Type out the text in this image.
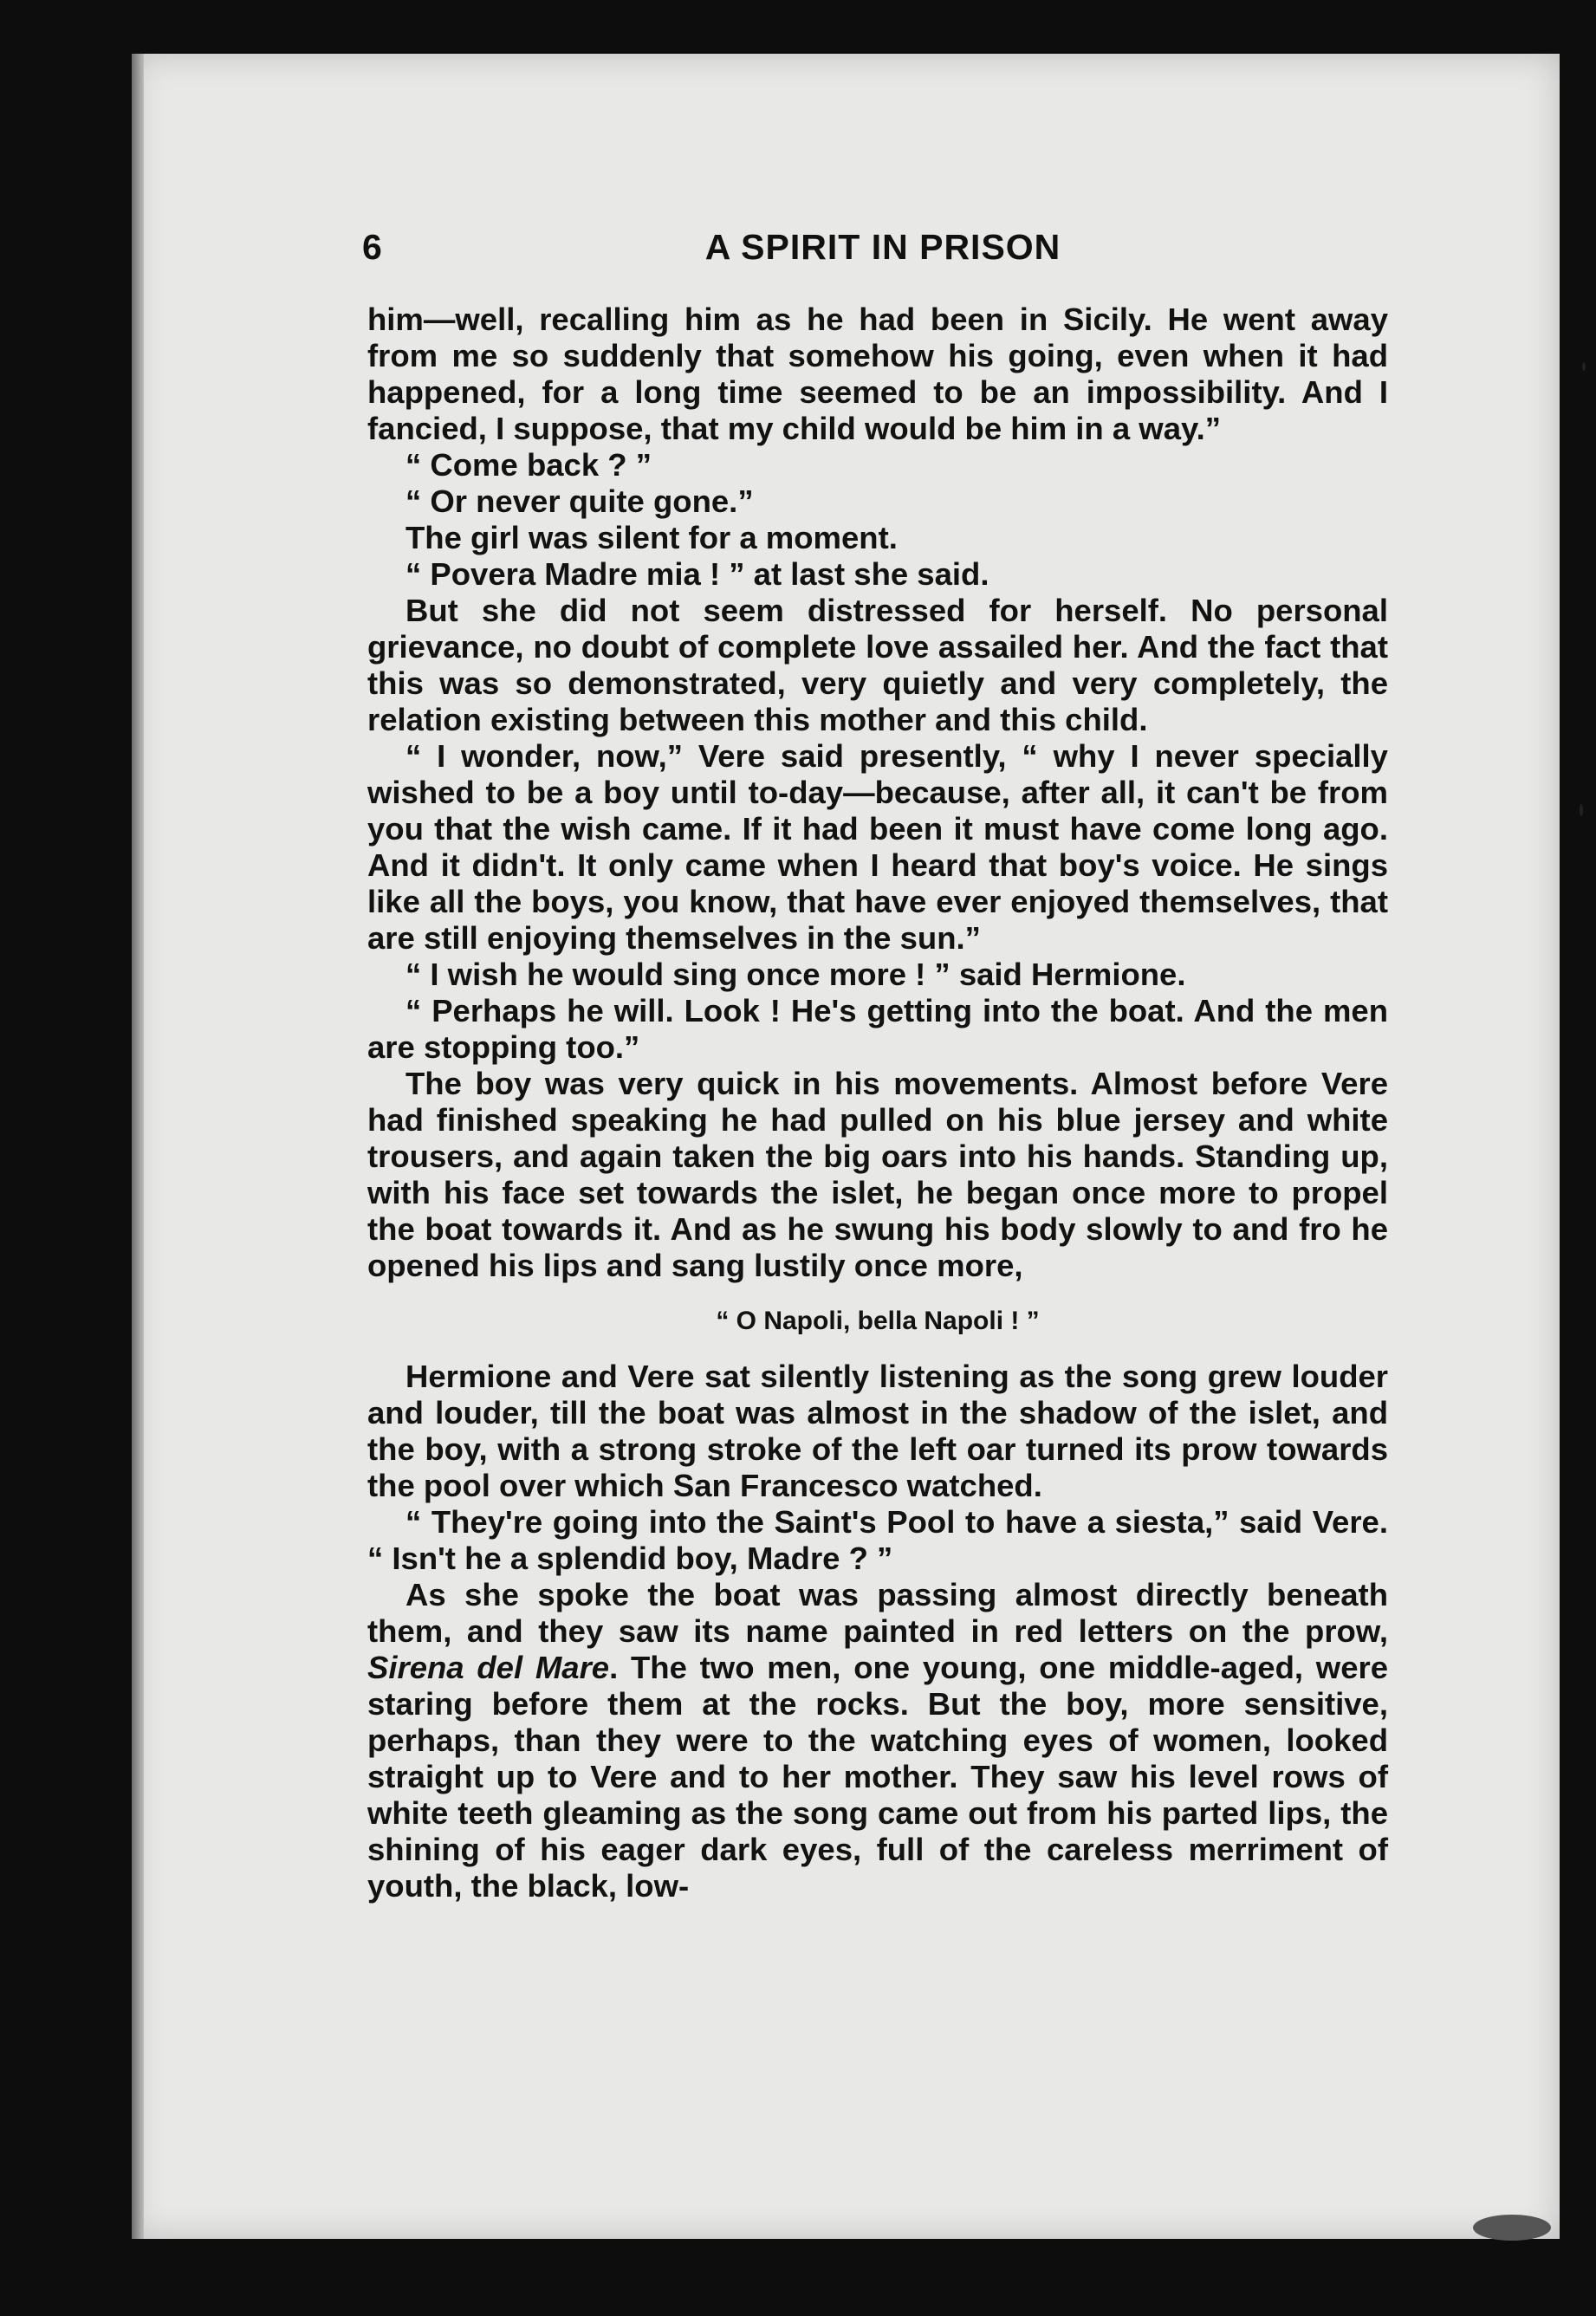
6	A SPIRIT IN PRISON

him—well, recalling him as he had been in Sicily. He went away from me so suddenly that somehow his going, even when it had happened, for a long time seemed to be an impossibility. And I fancied, I suppose, that my child would be him in a way.”

“ Come back ? ”

“ Or never quite gone.”

The girl was silent for a moment.

“ Povera Madre mia ! ” at last she said.

But she did not seem distressed for herself. No personal grievance, no doubt of complete love assailed her. And the fact that this was so demonstrated, very quietly and very completely, the relation existing between this mother and this child.

“ I wonder, now,” Vere said presently, “ why I never specially wished to be a boy until to-day—because, after all, it can't be from you that the wish came. If it had been it must have come long ago. And it didn't. It only came when I heard that boy's voice. He sings like all the boys, you know, that have ever enjoyed themselves, that are still enjoying themselves in the sun.”

“ I wish he would sing once more ! ” said Hermione.

“ Perhaps he will. Look ! He's getting into the boat. And the men are stopping too.”

The boy was very quick in his movements. Almost before Vere had finished speaking he had pulled on his blue jersey and white trousers, and again taken the big oars into his hands. Standing up, with his face set towards the islet, he began once more to propel the boat towards it. And as he swung his body slowly to and fro he opened his lips and sang lustily once more,

“ O Napoli, bella Napoli ! ”

Hermione and Vere sat silently listening as the song grew louder and louder, till the boat was almost in the shadow of the islet, and the boy, with a strong stroke of the left oar turned its prow towards the pool over which San Francesco watched.

“ They're going into the Saint's Pool to have a siesta,” said Vere. “ Isn't he a splendid boy, Madre ? ”

As she spoke the boat was passing almost directly beneath them, and they saw its name painted in red letters on the prow, Sirena del Mare. The two men, one young, one middle-aged, were staring before them at the rocks. But the boy, more sensitive, perhaps, than they were to the watching eyes of women, looked straight up to Vere and to her mother. They saw his level rows of white teeth gleaming as the song came out from his parted lips, the shining of his eager dark eyes, full of the careless merriment of youth, the black, low-
